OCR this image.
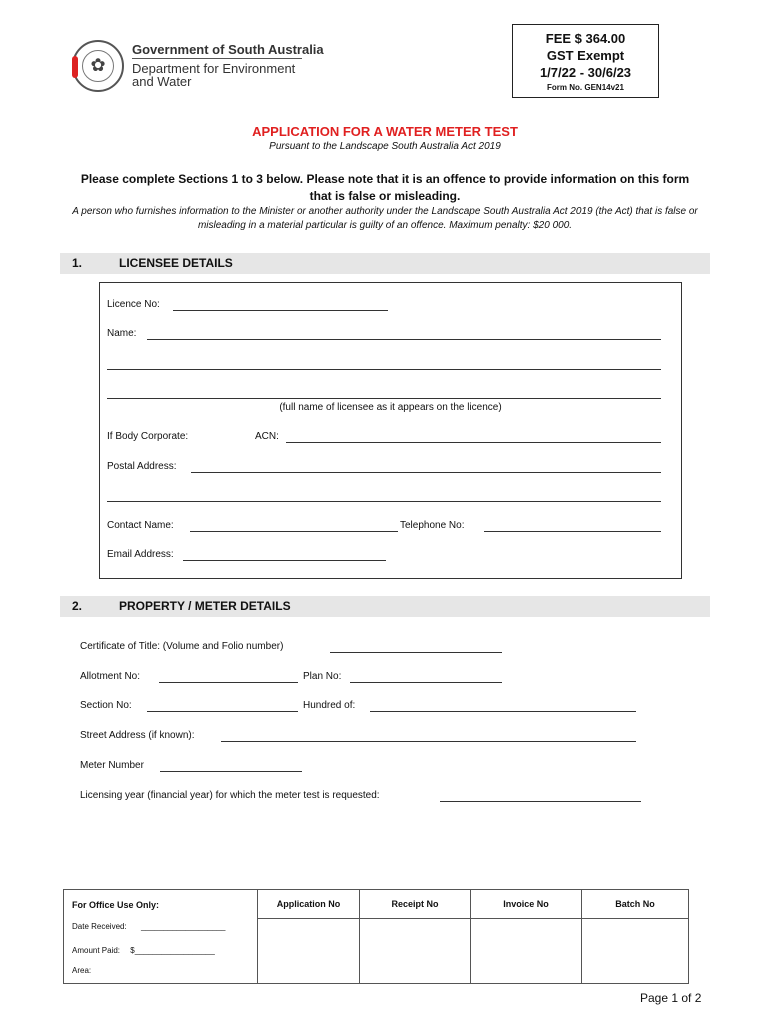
✿
Government of South Australia
Department for Environment
and Water
FEE $ 364.00
GST Exempt
1/7/22 - 30/6/23
Form No. GEN14v21
APPLICATION FOR A WATER METER TEST
Pursuant to the Landscape South Australia Act 2019
Please complete Sections 1 to 3 below. Please note that it is an offence to provide information on this form that is false or misleading.
A person who furnishes information to the Minister or another authority under the Landscape South Australia Act 2019 (the Act) that is false or misleading in a material particular is guilty of an offence. Maximum penalty: $20 000.
1.	LICENSEE DETAILS
Licence No:
Name:
(full name of licensee as it appears on the licence)
If Body Corporate:	ACN:
Postal Address:
Contact Name:	Telephone No:
Email Address:
2.	PROPERTY / METER DETAILS
Certificate of Title: (Volume and Folio number)
Allotment No:	Plan No:
Section No:	Hundred of:
Street Address (if known):
Meter Number
Licensing year (financial year) for which the meter test is requested:
For Office Use Only:
Date Received: ___________________
Amount Paid: $__________________
Area:

Application No	Receipt No	Invoice No	Batch No
Page 1 of 2
